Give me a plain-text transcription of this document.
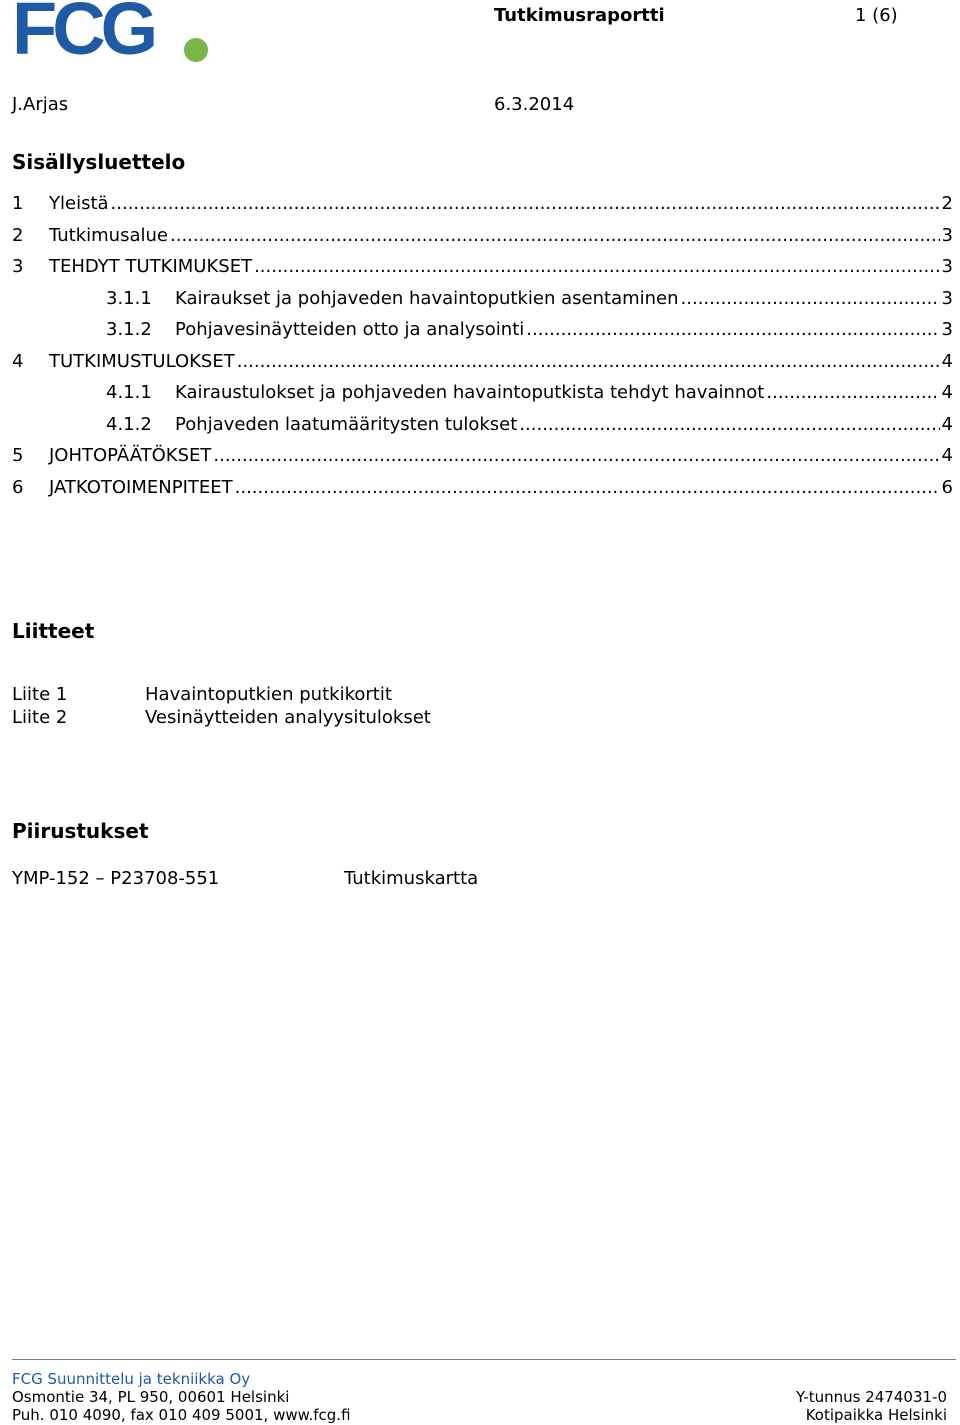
FCG	Tutkimusraportti	1 (6)
J.Arjas	6.3.2014
Sisällysluettelo
1	Yleistä .....	2
2	Tutkimusalue .....	3
3	TEHDYT TUTKIMUKSET .....	3
3.1.1	Kairaukset ja pohjaveden havaintoputkien asentaminen .....	3
3.1.2	Pohjavesinäytteiden otto ja analysointi .....	3
4	TUTKIMUSTULOKSET .....	4
4.1.1	Kairaustulokset ja pohjaveden havaintoputkista tehdyt havainnot .....	4
4.1.2	Pohjaveden laatumääritysten tulokset .....	4
5	JOHTOPÄÄTÖKSET .....	4
6	JATKOTOIMENPITEET .....	6
Liitteet
Liite 1	Havaintoputkien putkikortit
Liite 2	Vesinäytteiden analyysitulokset
Piirustukset
YMP-152 – P23708-551	Tutkimuskartta
FCG Suunnittelu ja tekniikka Oy
Osmontie 34, PL 950, 00601 Helsinki
Puh. 010 4090, fax 010 409 5001, www.fcg.fi
Y-tunnus 2474031-0
Kotipaikka Helsinki
